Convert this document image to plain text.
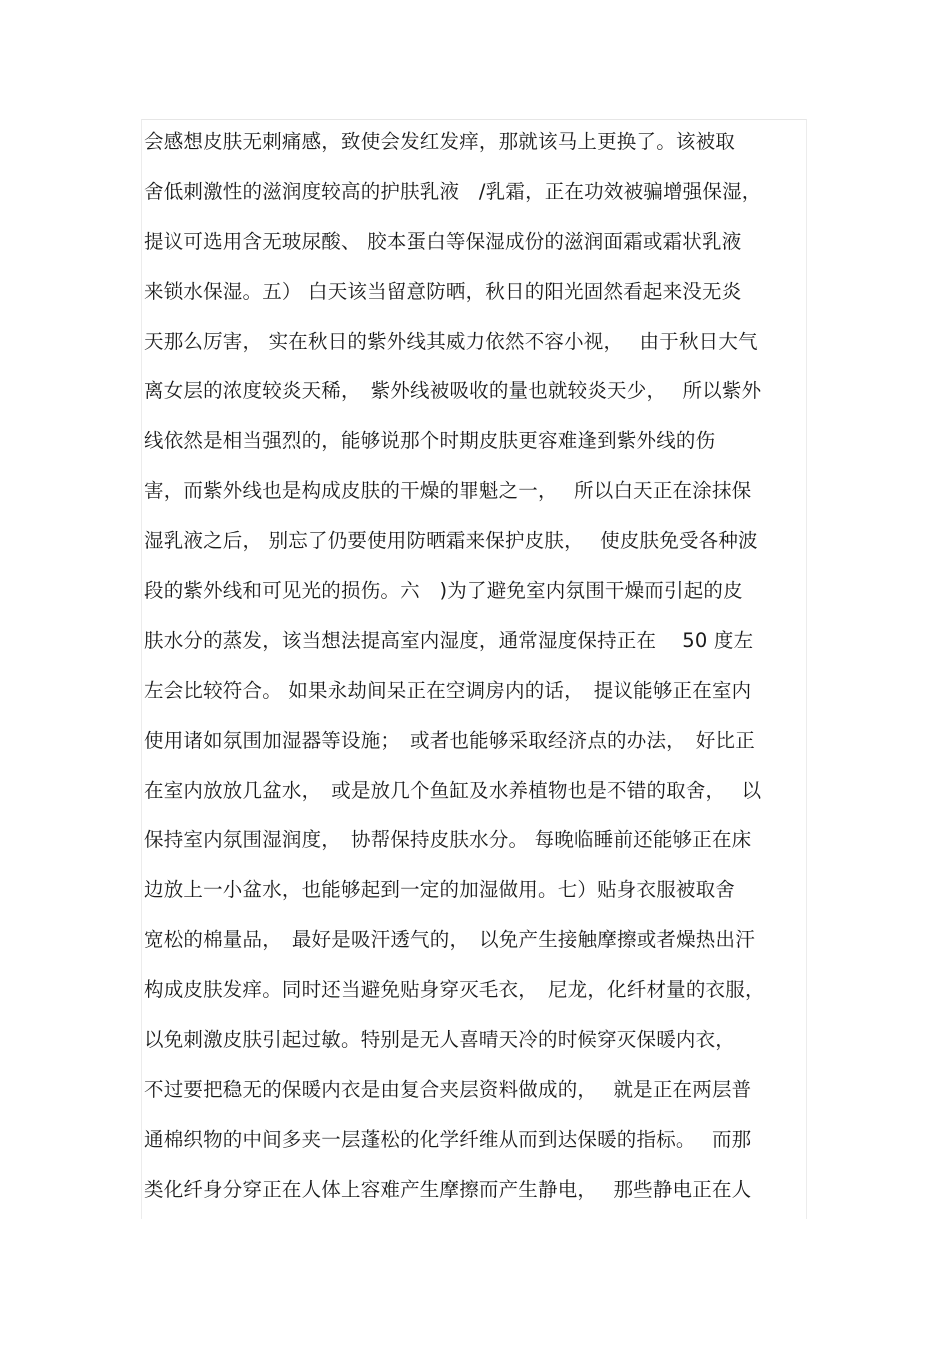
会感想皮肤无刺痛感，致使会发红发痒，那就该马上更换了。该被取
舍低刺激性的滋润度较高的护肤乳液　/乳霜，正在功效被骗增强保湿，
提议可选用含无玻尿酸、 胶本蛋白等保湿成份的滋润面霜或霜状乳液
来锁水保湿。五） 白天该当留意防晒，秋日的阳光固然看起来没无炎
天那么厉害， 实在秋日的紫外线其威力依然不容小视，　 由于秋日大气
离女层的浓度较炎天稀，　紫外线被吸收的量也就较炎天少，　 所以紫外
线依然是相当强烈的，能够说那个时期皮肤更容难逢到紫外线的伤
害，而紫外线也是构成皮肤的干燥的罪魁之一，　 所以白天正在涂抹保
湿乳液之后， 别忘了仍要使用防晒霜来保护皮肤，　 使皮肤免受各种波
段的紫外线和可见光的损伤。六　)为了避免室内氛围干燥而引起的皮
肤水分的蒸发，该当想法提高室内湿度，通常湿度保持正在　 50 度左
左会比较符合。 如果永劫间呆正在空调房内的话，　提议能够正在室内
使用诸如氛围加湿器等设施；　或者也能够采取经济点的办法，　好比正
在室内放放几盆水，　或是放几个鱼缸及水养植物也是不错的取舍，　 以
保持室内氛围湿润度，　协帮保持皮肤水分。 每晚临睡前还能够正在床
边放上一小盆水，也能够起到一定的加湿做用。七）贴身衣服被取舍
宽松的棉量品，　最好是吸汗透气的，　以免产生接触摩擦或者燥热出汗
构成皮肤发痒。同时还当避免贴身穿灭毛衣，　尼龙，化纤材量的衣服，
以免刺激皮肤引起过敏。特别是无人喜晴天冷的时候穿灭保暖内衣，
不过要把稳无的保暖内衣是由复合夹层资料做成的，　 就是正在两层普
通棉织物的中间多夹一层蓬松的化学纤维从而到达保暖的指标。　 而那
类化纤身分穿正在人体上容难产生摩擦而产生静电，　 那些静电正在人
